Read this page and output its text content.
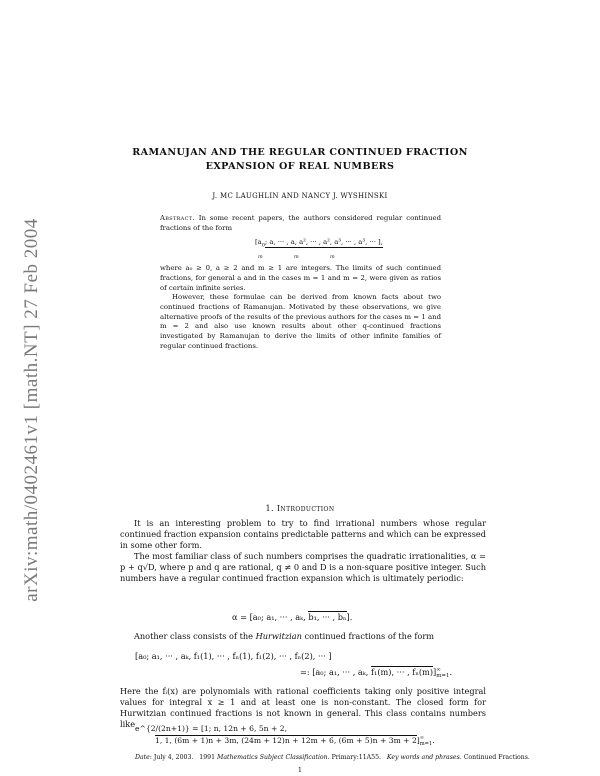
arXiv:math/0402461v1 [math.NT] 27 Feb 2004
RAMANUJAN AND THE REGULAR CONTINUED FRACTION
EXPANSION OF REAL NUMBERS
J. MC LAUGHLIN AND NANCY J. WYSHINSKI
Abstract. In some recent papers, the authors considered regular continued fractions of the form
[$a_0$; a, ··· , a, a², ··· , a², a³, ··· , a³, ··· ],
m	m	m
where a₀ ≥ 0, a ≥ 2 and m ≥ 1 are integers. The limits of such continued fractions, for general a and in the cases m = 1 and m = 2, were given as ratios of certain infinite series.
However, these formulae can be derived from known facts about two continued fractions of Ramanujan. Motivated by these observations, we give alternative proofs of the results of the previous authors for the cases m = 1 and m = 2 and also use known results about other q-continued fractions investigated by Ramanujan to derive the limits of other infinite families of regular continued fractions.
1. Introduction
It is an interesting problem to try to find irrational numbers whose regular continued fraction expansion contains predictable patterns and which can be expressed in some other form.
The most familiar class of such numbers comprises the quadratic irrationalities, α = p + q√D, where p and q are rational, q ≠ 0 and D is a non-square positive integer. Such numbers have a regular continued fraction expansion which is ultimately periodic:
α = [a₀; a₁, ··· , aₖ, b₁, ··· , bₙ].
Another class consists of the Hurwitzian continued fractions of the form
[a₀; a₁, ··· , aₖ, f₁(1), ··· , fₙ(1), f₁(2), ··· , fₙ(2), ··· ]
=: [a₀; a₁, ··· , aₖ, f₁(m), ··· , fₙ(m)] ∞
m=1 .
Here the fᵢ(x) are polynomials with rational coefficients taking only positive integral values for integral x ≥ 1 and at least one is non-constant. The closed form for Hurwitzian continued fractions is not known in general. This class contains numbers like e^{2/(2n+1)} = [1; n, 12n + 6, 5n + 2,
1, 1, (6m + 1)n + 3m, (24m + 12)n + 12m + 6, (6m + 5)n + 3m + 2] ∞
m=1 .
Date: July 4, 2003. 1991 Mathematics Subject Classification. Primary:11A55. Key words and phrases. Continued Fractions.
1
